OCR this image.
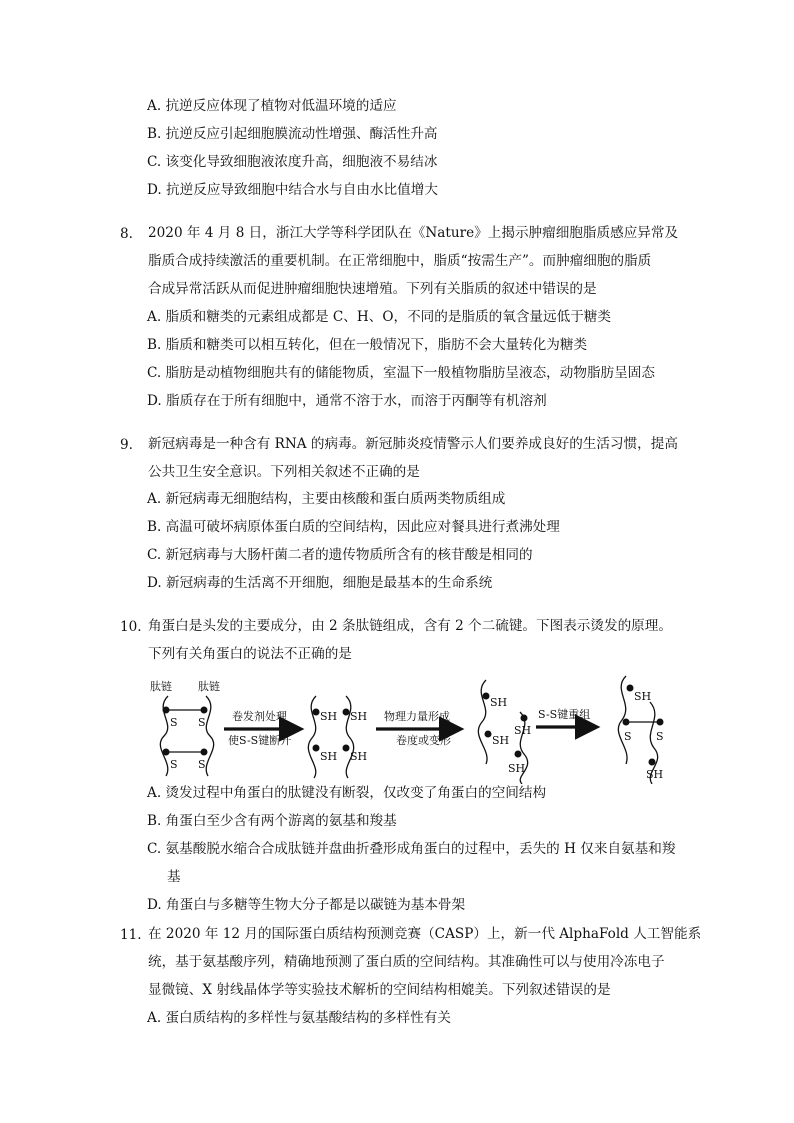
A. 抗逆反应体现了植物对低温环境的适应
B. 抗逆反应引起细胞膜流动性增强、酶活性升高
C. 该变化导致细胞液浓度升高，细胞液不易结冰
D. 抗逆反应导致细胞中结合水与自由水比值增大
8. 2020 年 4 月 8 日，浙江大学等科学团队在《Nature》上揭示肿瘤细胞脂质感应异常及
脂质合成持续激活的重要机制。在正常细胞中，脂质“按需生产”。而肿瘤细胞的脂质
合成异常活跃从而促进肿瘤细胞快速增殖。下列有关脂质的叙述中错误的是
A. 脂质和糖类的元素组成都是 C、H、O，不同的是脂质的氧含量远低于糖类
B. 脂质和糖类可以相互转化，但在一般情况下，脂肪不会大量转化为糖类
C. 脂肪是动植物细胞共有的储能物质，室温下一般植物脂肪呈液态，动物脂肪呈固态
D. 脂质存在于所有细胞中，通常不溶于水，而溶于丙酮等有机溶剂
9. 新冠病毒是一种含有 RNA 的病毒。新冠肺炎疫情警示人们要养成良好的生活习惯，提高
公共卫生安全意识。下列相关叙述不正确的是
A. 新冠病毒无细胞结构，主要由核酸和蛋白质两类物质组成
B. 高温可破坏病原体蛋白质的空间结构，因此应对餐具进行煮沸处理
C. 新冠病毒与大肠杆菌二者的遗传物质所含有的核苷酸是相同的
D. 新冠病毒的生活离不开细胞，细胞是最基本的生命系统
10. 角蛋白是头发的主要成分，由 2 条肽链组成，含有 2 个二硫键。下图表示烫发的原理。
下列有关角蛋白的说法不正确的是
肽链 肽链
S S
S S
SH SH
SH SH
SH
SH
SH
SH
SH
S S
SH
卷发剂处理
使S-S键断开
物理力量形成
卷度或变形
S-S键重组
A. 烫发过程中角蛋白的肽键没有断裂，仅改变了角蛋白的空间结构
B. 角蛋白至少含有两个游离的氨基和羧基
C. 氨基酸脱水缩合合成肽链并盘曲折叠形成角蛋白的过程中，丢失的 H 仅来自氨基和羧
基
D. 角蛋白与多糖等生物大分子都是以碳链为基本骨架
11. 在 2020 年 12 月的国际蛋白质结构预测竞赛（CASP）上，新一代 AlphaFold 人工智能系
统，基于氨基酸序列，精确地预测了蛋白质的空间结构。其准确性可以与使用冷冻电子
显微镜、X 射线晶体学等实验技术解析的空间结构相媲美。下列叙述错误的是
A. 蛋白质结构的多样性与氨基酸结构的多样性有关
